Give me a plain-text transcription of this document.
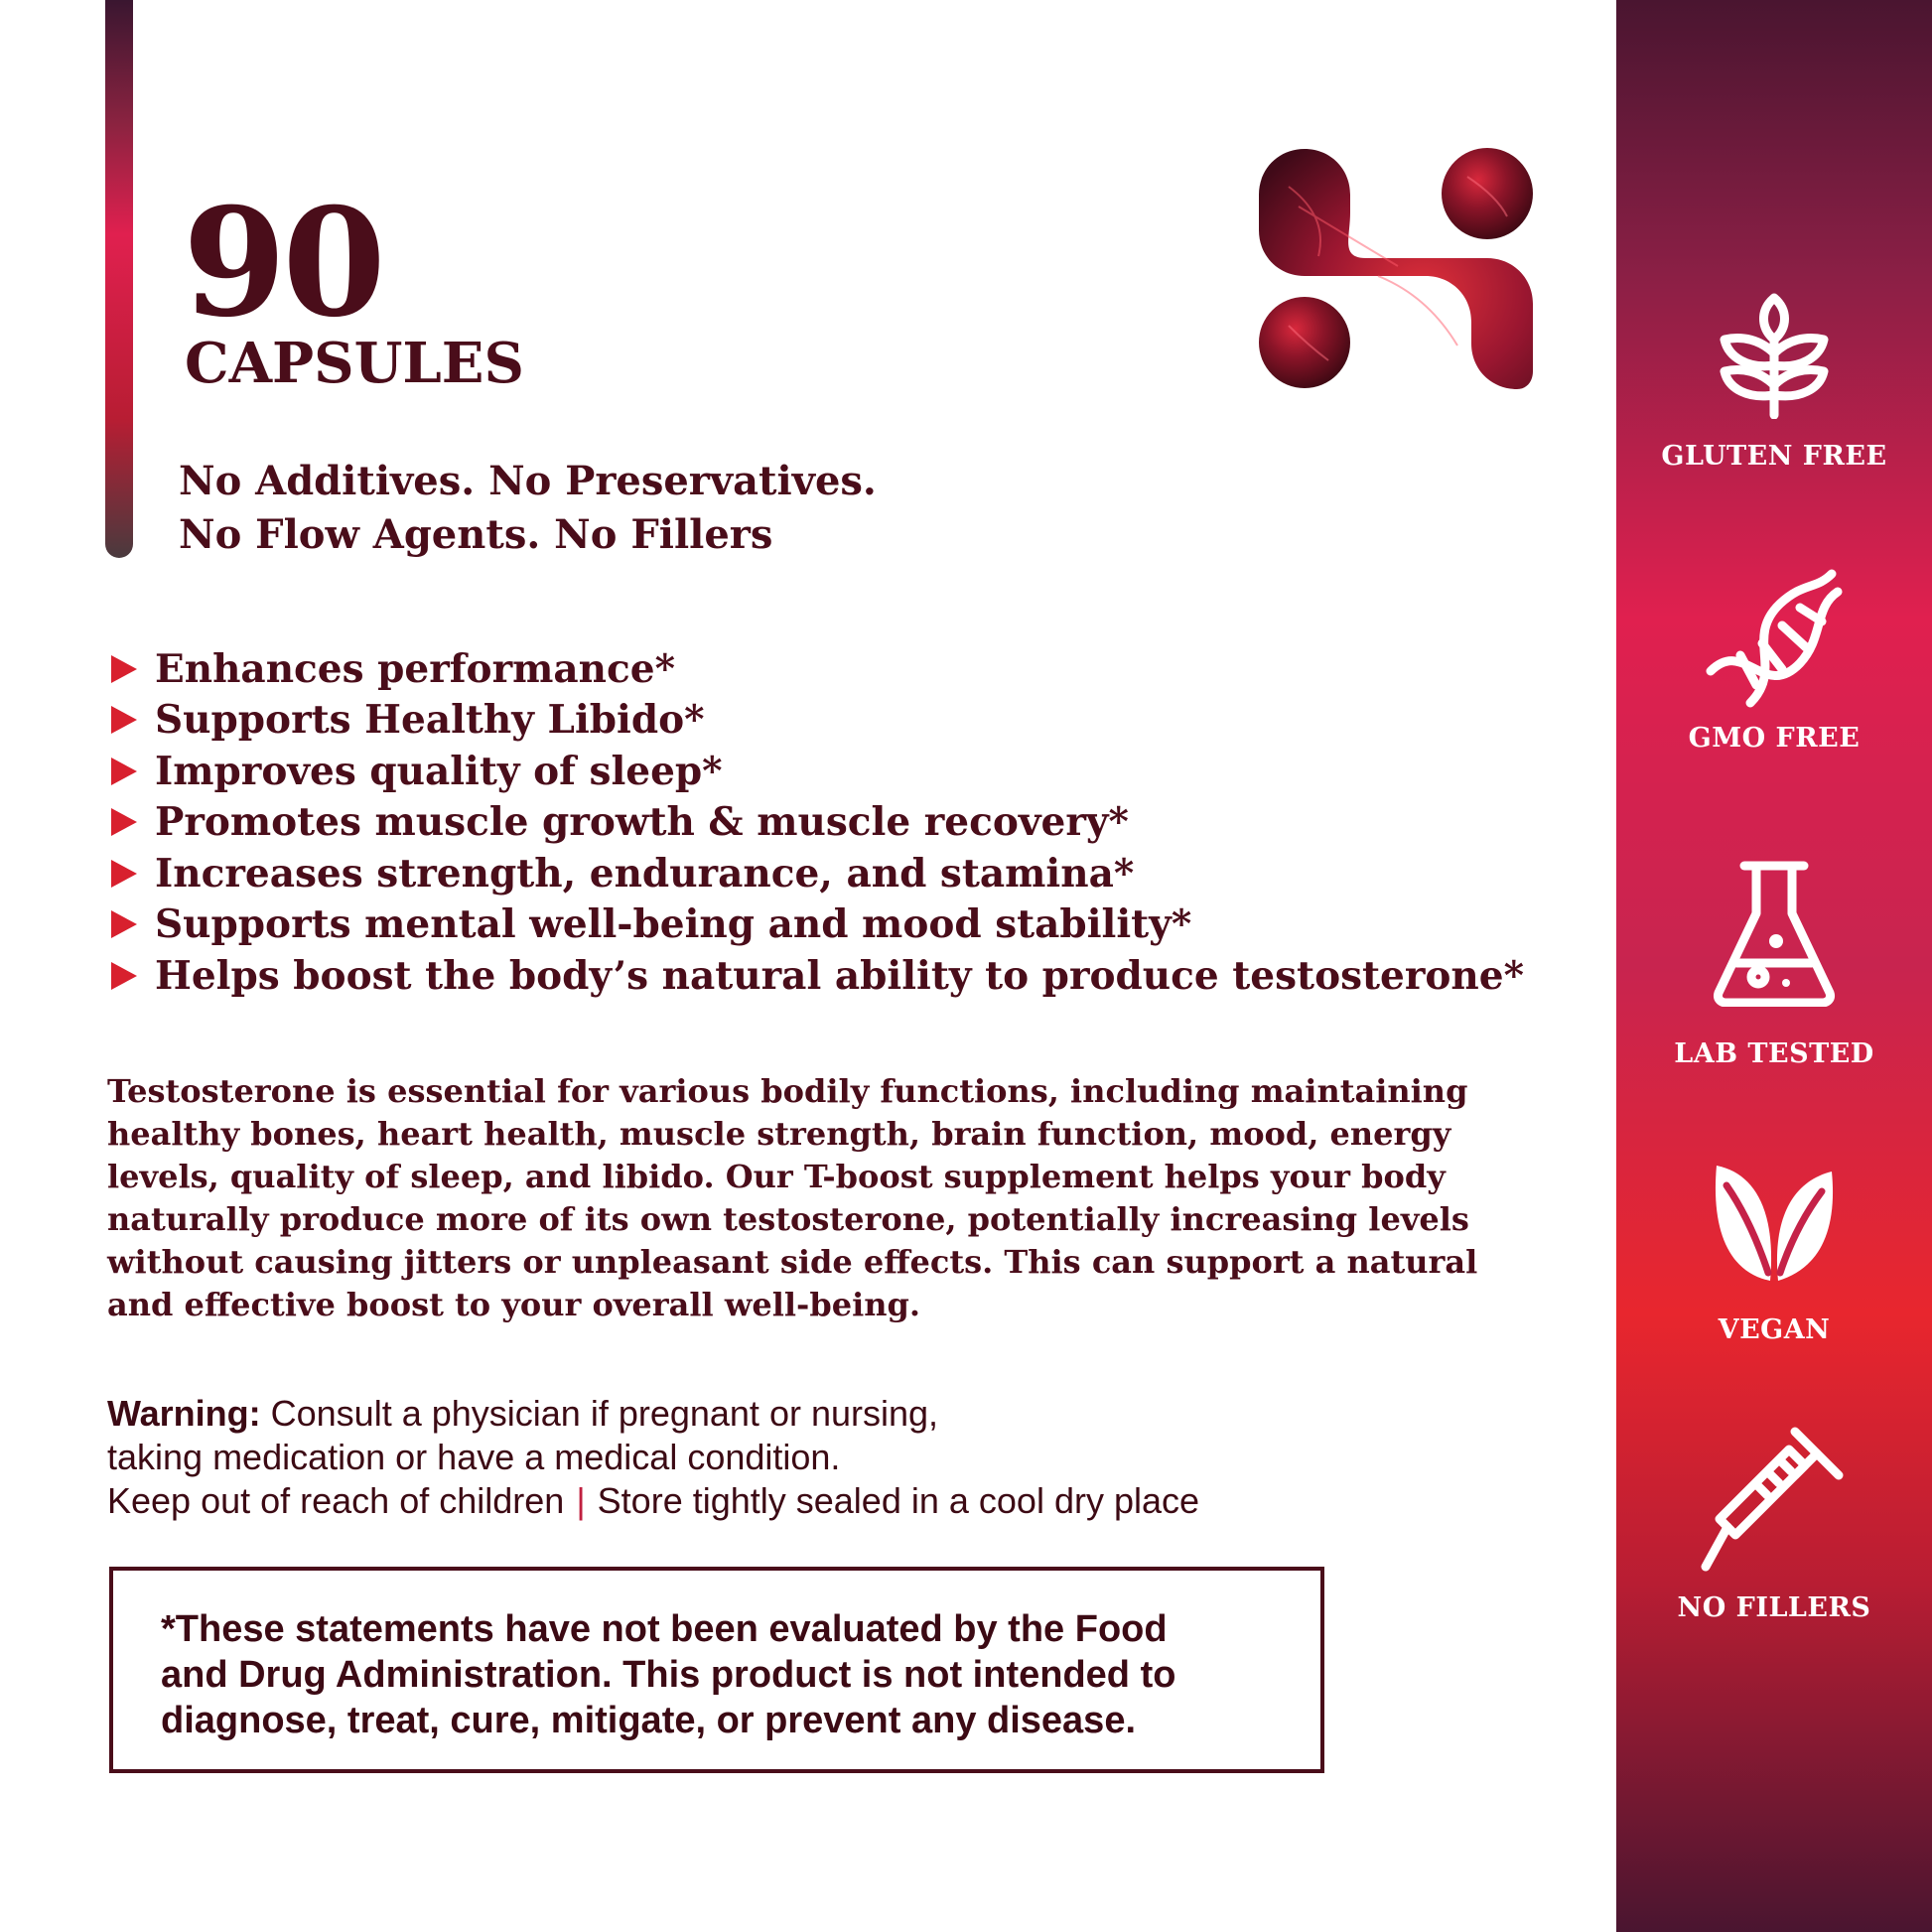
90
CAPSULES
No Additives. No Preservatives.
No Flow Agents. No Fillers
Enhances performance*
Supports Healthy Libido*
Improves quality of sleep*
Promotes muscle growth & muscle recovery*
Increases strength, endurance, and stamina*
Supports mental well-being and mood stability*
Helps boost the body’s natural ability to produce testosterone*
Testosterone is essential for various bodily functions, including maintaining
healthy bones, heart health, muscle strength, brain function, mood, energy
levels, quality of sleep, and libido. Our T-boost supplement helps your body
naturally produce more of its own testosterone, potentially increasing levels
without causing jitters or unpleasant side effects. This can support a natural
and effective boost to your overall well-being.
Warning: Consult a physician if pregnant or nursing,
taking medication or have a medical condition.
Keep out of reach of children | Store tightly sealed in a cool dry place
*These statements have not been evaluated by the Food
and Drug Administration. This product is not intended to
diagnose, treat, cure, mitigate, or prevent any disease.
GLUTEN FREE
GMO FREE
LAB TESTED
VEGAN
NO FILLERS
